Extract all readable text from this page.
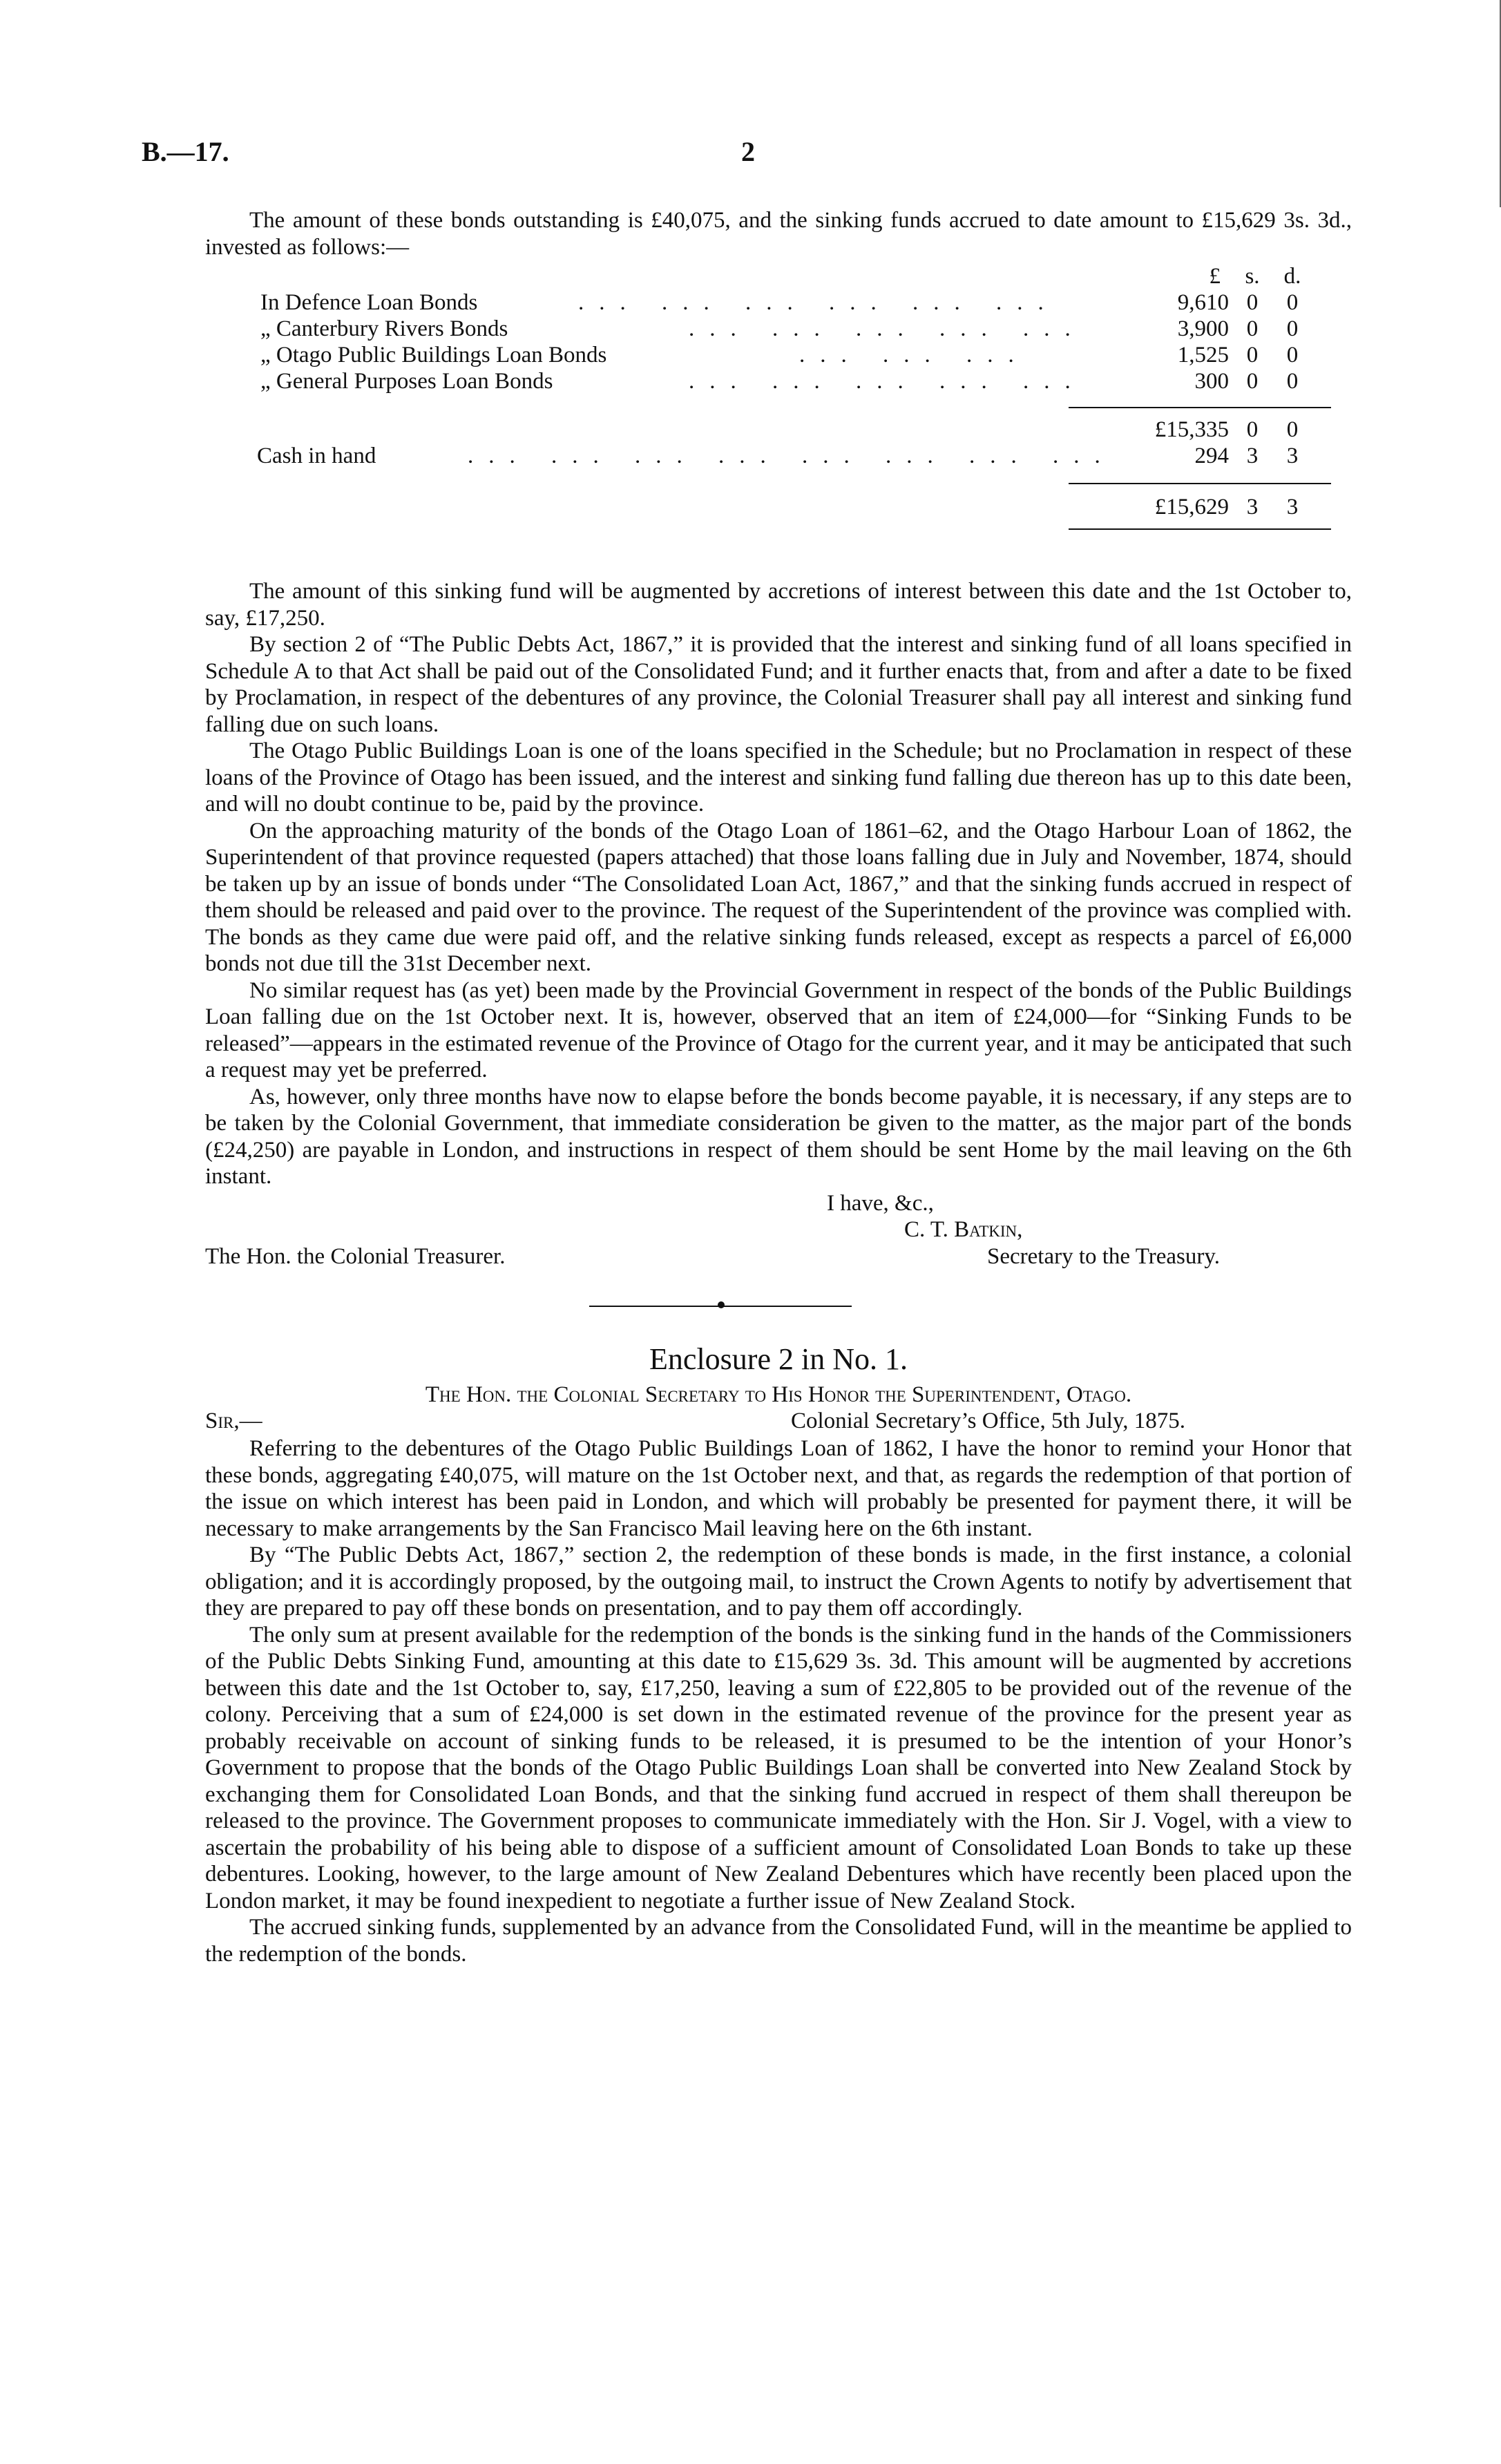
B.—17.	2

The amount of these bonds outstanding is £40,075, and the sinking funds accrued to date amount to £15,629 3s. 3d., invested as follows:—

£ s. d.
In Defence Loan Bonds	... ... ... ... ... ...	9,610 0 0
„ Canterbury Rivers Bonds	... ... ... ... ...	3,900 0 0
„ Otago Public Buildings Loan Bonds	... ... ...	1,525 0 0
„ General Purposes Loan Bonds	... ... ... ... ...	300 0 0
£15,335 0 0
Cash in hand	... ... ... ... ... ... ... ...	294 3 3
£15,629 3 3

The amount of this sinking fund will be augmented by accretions of interest between this date and the 1st October to, say, £17,250.

By section 2 of “The Public Debts Act, 1867,” it is provided that the interest and sinking fund of all loans specified in Schedule A to that Act shall be paid out of the Consolidated Fund; and it further enacts that, from and after a date to be fixed by Proclamation, in respect of the debentures of any province, the Colonial Treasurer shall pay all interest and sinking fund falling due on such loans.

The Otago Public Buildings Loan is one of the loans specified in the Schedule; but no Proclamation in respect of these loans of the Province of Otago has been issued, and the interest and sinking fund falling due thereon has up to this date been, and will no doubt continue to be, paid by the province.

On the approaching maturity of the bonds of the Otago Loan of 1861–62, and the Otago Harbour Loan of 1862, the Superintendent of that province requested (papers attached) that those loans falling due in July and November, 1874, should be taken up by an issue of bonds under “The Consolidated Loan Act, 1867,” and that the sinking funds accrued in respect of them should be released and paid over to the province. The request of the Superintendent of the province was complied with. The bonds as they came due were paid off, and the relative sinking funds released, except as respects a parcel of £6,000 bonds not due till the 31st December next.

No similar request has (as yet) been made by the Provincial Government in respect of the bonds of the Public Buildings Loan falling due on the 1st October next. It is, however, observed that an item of £24,000—for “Sinking Funds to be released”—appears in the estimated revenue of the Province of Otago for the current year, and it may be anticipated that such a request may yet be preferred.

As, however, only three months have now to elapse before the bonds become payable, it is necessary, if any steps are to be taken by the Colonial Government, that immediate consideration be given to the matter, as the major part of the bonds (£24,250) are payable in London, and instructions in respect of them should be sent Home by the mail leaving on the 6th instant.

I have, &c.,
C. T. Batkin,
The Hon. the Colonial Treasurer.	Secretary to the Treasury.
Enclosure 2 in No. 1.
The Hon. the Colonial Secretary to His Honor the Superintendent, Otago.
Sir,—	Colonial Secretary’s Office, 5th July, 1875.

Referring to the debentures of the Otago Public Buildings Loan of 1862, I have the honor to remind your Honor that these bonds, aggregating £40,075, will mature on the 1st October next, and that, as regards the redemption of that portion of the issue on which interest has been paid in London, and which will probably be presented for payment there, it will be necessary to make arrangements by the San Francisco Mail leaving here on the 6th instant.

By “The Public Debts Act, 1867,” section 2, the redemption of these bonds is made, in the first instance, a colonial obligation; and it is accordingly proposed, by the outgoing mail, to instruct the Crown Agents to notify by advertisement that they are prepared to pay off these bonds on presentation, and to pay them off accordingly.

The only sum at present available for the redemption of the bonds is the sinking fund in the hands of the Commissioners of the Public Debts Sinking Fund, amounting at this date to £15,629 3s. 3d. This amount will be augmented by accretions between this date and the 1st October to, say, £17,250, leaving a sum of £22,805 to be provided out of the revenue of the colony. Perceiving that a sum of £24,000 is set down in the estimated revenue of the province for the present year as probably receivable on account of sinking funds to be released, it is presumed to be the intention of your Honor’s Government to propose that the bonds of the Otago Public Buildings Loan shall be converted into New Zealand Stock by exchanging them for Consolidated Loan Bonds, and that the sinking fund accrued in respect of them shall thereupon be released to the province. The Government proposes to communicate immediately with the Hon. Sir J. Vogel, with a view to ascertain the probability of his being able to dispose of a sufficient amount of Consolidated Loan Bonds to take up these debentures. Looking, however, to the large amount of New Zealand Debentures which have recently been placed upon the London market, it may be found inexpedient to negotiate a further issue of New Zealand Stock.

The accrued sinking funds, supplemented by an advance from the Consolidated Fund, will in the meantime be applied to the redemption of the bonds.
